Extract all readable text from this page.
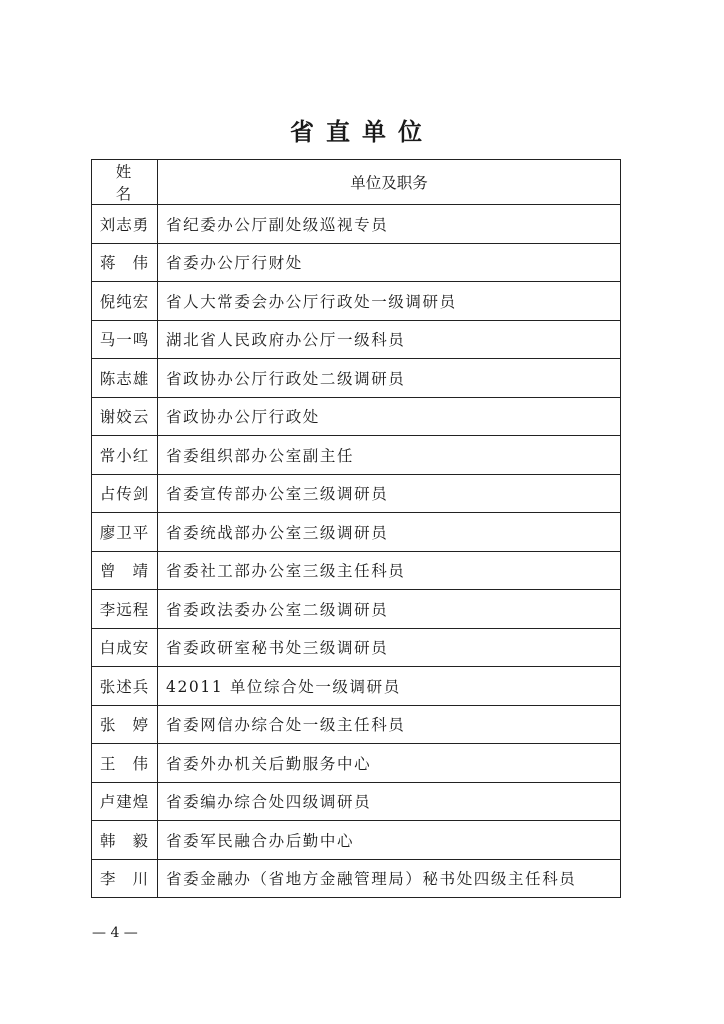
省直单位
姓名	单位及职务
刘志勇	省纪委办公厅副处级巡视专员

蒋 伟	省委办公厅行财处
倪纯宏	省人大常委会办公厅行政处一级调研员
马一鸣	湖北省人民政府办公厅一级科员
陈志雄	省政协办公厅行政处二级调研员
谢姣云	省政协办公厅行政处
常小红	省委组织部办公室副主任
占传剑	省委宣传部办公室三级调研员
廖卫平	省委统战部办公室三级调研员

曾 靖	省委社工部办公室三级主任科员
李远程	省委政法委办公室二级调研员
白成安	省委政研室秘书处三级调研员
张述兵	42011 单位综合处一级调研员

张 婷	省委网信办综合处一级主任科员

王 伟	省委外办机关后勤服务中心
卢建煌	省委编办综合处四级调研员

韩 毅	省委军民融合办后勤中心

李 川	省委金融办（省地方金融管理局）秘书处四级主任科员
— 4 —
